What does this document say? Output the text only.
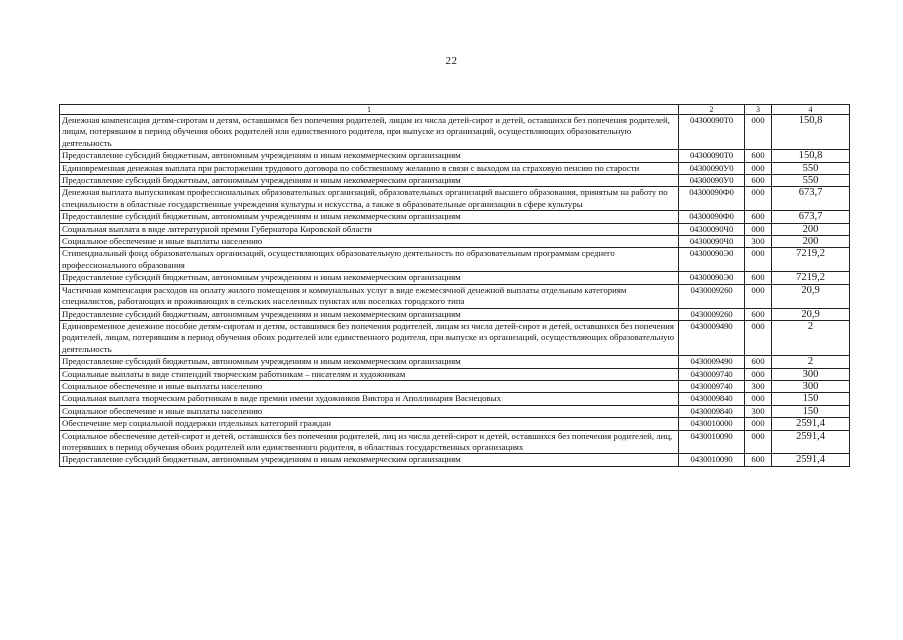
22
1	2	3	4
Денежная компенсация детям-сиротам и детям, оставшимся без попечения родителей, лицам из числа детей-сирот и детей, оставшихся без попечения родителей, лицам, потерявшим в период обучения обоих родителей или единственного родителя, при выпуске из организаций, осуществляющих образовательную деятельность	04300090Т0	000	150,8
Предоставление субсидий бюджетным, автономным учреждениям и иным некоммерческим организациям	04300090Т0	600	150,8
Единовременная денежная выплата при расторжении трудового договора по собственному желанию в связи с выходом на страховую пенсию по старости	04300090У0	000	550
Предоставление субсидий бюджетным, автономным учреждениям и иным некоммерческим организациям	04300090У0	600	550
Денежная выплата выпускникам профессиональных образовательных организаций, образовательных организаций высшего образования, принятым на работу по специальности в областные государственные учреждения культуры и искусства, а также в образовательные организации в сфере культуры	04300090Ф0	000	673,7
Предоставление субсидий бюджетным, автономным учреждениям и иным некоммерческим организациям	04300090Ф0	600	673,7
Социальная выплата в виде литературной премии Губернатора Кировской области	04300090Ч0	000	200
Социальное обеспечение и иные выплаты населению	04300090Ч0	300	200
Стипендиальный фонд образовательных организаций, осуществляющих образовательную деятельность по образовательным программам среднего профессионального образования	04300090Э0	000	7219,2
Предоставление субсидий бюджетным, автономным учреждениям и иным некоммерческим организациям	04300090Э0	600	7219,2
Частичная компенсация расходов на оплату жилого помещения и коммунальных услуг в виде ежемесячной денежной выплаты отдельным категориям специалистов, работающих и проживающих в сельских населенных пунктах или поселках городского типа	0430009260	000	20,9
Предоставление субсидий бюджетным, автономным учреждениям и иным некоммерческим организациям	0430009260	600	20,9
Единовременное денежное пособие детям-сиротам и детям, оставшимся без попечения родителей, лицам из числа детей-сирот и детей, оставшихся без попечения родителей, лицам, потерявшим в период обучения обоих родителей или единственного родителя, при выпуске из организаций, осуществляющих образовательную деятельность	0430009490	000	2
Предоставление субсидий бюджетным, автономным учреждениям и иным некоммерческим организациям	0430009490	600	2
Социальные выплаты в виде стипендий творческим работникам – писателям и художникам	0430009740	000	300
Социальное обеспечение и иные выплаты населению	0430009740	300	300
Социальная выплата творческим работникам в виде премии имени художников Виктора и Аполлинария Васнецовых	0430009840	000	150
Социальное обеспечение и иные выплаты населению	0430009840	300	150
Обеспечение мер социальной поддержки отдельных категорий граждан	0430010000	000	2591,4
Социальное обеспечение детей-сирот и детей, оставшихся без попечения родителей, лиц из числа детей-сирот и детей, оставшихся без попечения родителей, лиц, потерявших в период обучения обоих родителей или единственного родителя, в областных государственных организациях	0430010090	000	2591,4
Предоставление субсидий бюджетным, автономным учреждениям и иным некоммерческим организациям	0430010090	600	2591,4
